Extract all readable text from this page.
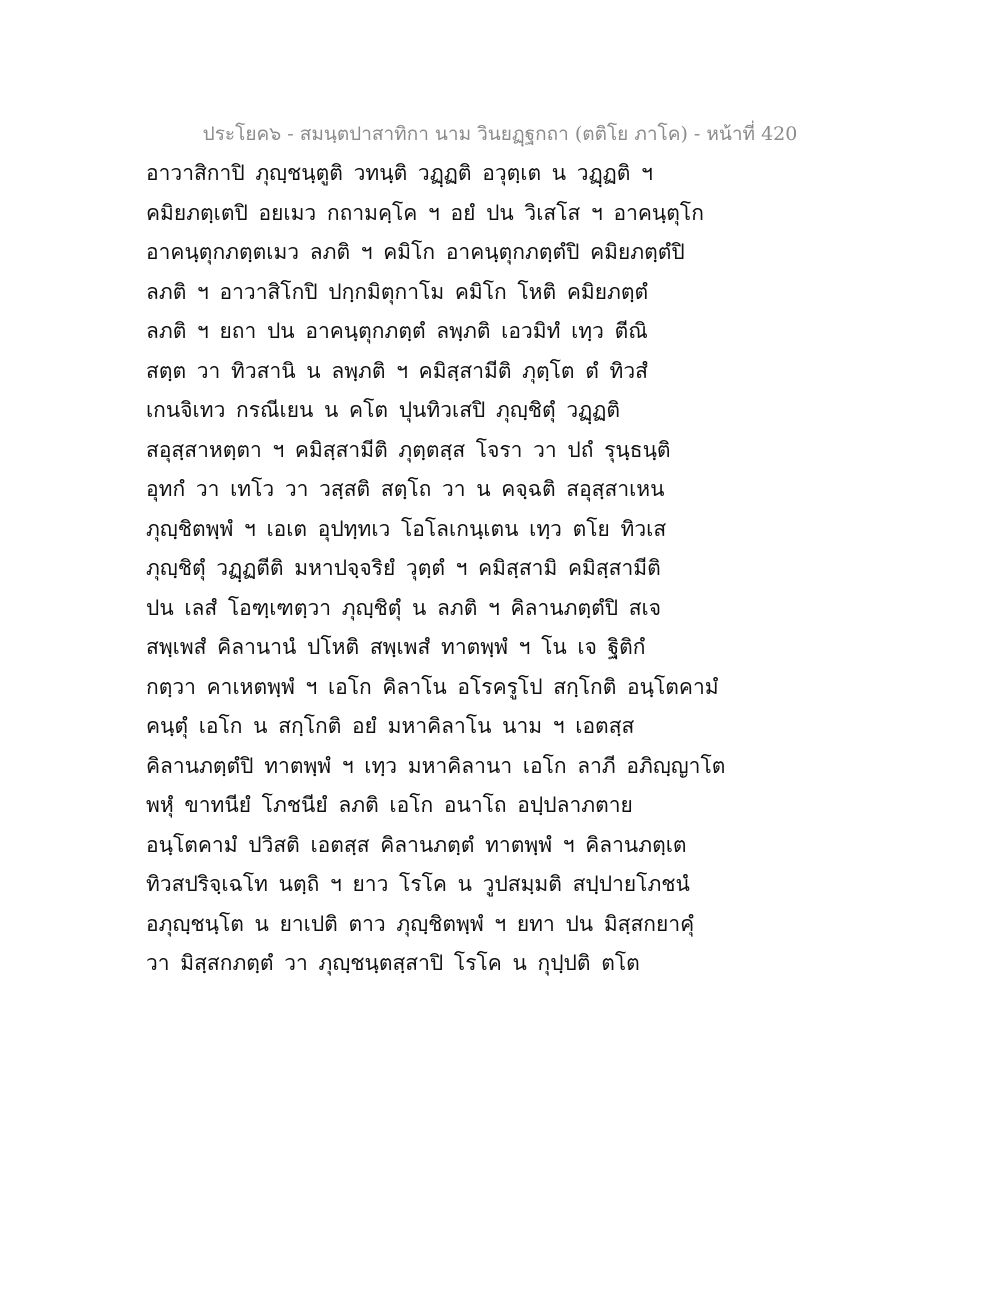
ประโยค๖ - สมนฺตปาสาทิกา นาม วินยฏฺฐกถา (ตติโย ภาโค) - หน้าที่ 420
อาวาสิกาปิ ภุญฺชนฺตูติ วทนฺติ วฏฺฏติ อวุตฺเต น วฏฺฏติ ฯ
คมิยภตฺเตปิ อยเมว กถามคฺโค ฯ อยํ ปน วิเสโส ฯ อาคนฺตุโก
อาคนฺตุกภตฺตเมว ลภติ ฯ คมิโก อาคนฺตุกภตฺตํปิ คมิยภตฺตํปิ
ลภติ ฯ อาวาสิโกปิ ปกฺกมิตุกาโม คมิโก โหติ คมิยภตฺตํ
ลภติ ฯ ยถา ปน อาคนฺตุกภตฺตํ ลพฺภติ เอวมิทํ เทฺว ตีณิ
สตฺต วา ทิวสานิ น ลพฺภติ ฯ คมิสฺสามีติ ภุตฺโต ตํ ทิวสํ
เกนจิเทว กรณีเยน น คโต ปุนทิวเสปิ ภุญฺชิตุํ วฏฺฏติ
สอุสฺสาหตฺตา ฯ คมิสฺสามีติ ภุตฺตสฺส โจรา วา ปถํ รุนฺธนฺติ
อุทกํ วา เทโว วา วสฺสติ สตฺโถ วา น คจฺฉติ สอุสฺสาเหน
ภุญฺชิตพฺพํ ฯ เอเต อุปทฺทเว โอโลเกนฺเตน เทฺว ตโย ทิวเส
ภุญฺชิตุํ วฏฺฏตีติ มหาปจฺจริยํ วุตฺตํ ฯ คมิสฺสามิ คมิสฺสามีติ
ปน เลสํ โอฑฺเฑตฺวา ภุญฺชิตุํ น ลภติ ฯ คิลานภตฺตํปิ สเจ
สพฺเพสํ คิลานานํ ปโหติ สพฺเพสํ ทาตพฺพํ ฯ โน เจ ฐิติกํ
กตฺวา คาเหตพฺพํ ฯ เอโก คิลาโน อโรครูโป สกฺโกติ อนฺโตคามํ
คนฺตุํ เอโก น สกฺโกติ อยํ มหาคิลาโน นาม ฯ เอตสฺส
คิลานภตฺตํปิ ทาตพฺพํ ฯ เทฺว มหาคิลานา เอโก ลาภี อภิญฺญาโต
พหุํ ขาทนียํ โภชนียํ ลภติ เอโก อนาโถ อปฺปลาภตาย
อนฺโตคามํ ปวิสติ เอตสฺส คิลานภตฺตํ ทาตพฺพํ ฯ คิลานภตฺเต
ทิวสปริจฺเฉโท นตฺถิ ฯ ยาว โรโค น วูปสมฺมติ สปฺปายโภชนํ
อภุญฺชนฺโต น ยาเปติ ตาว ภุญฺชิตพฺพํ ฯ ยทา ปน มิสฺสกยาคุํ
วา มิสฺสกภตฺตํ วา ภุญฺชนฺตสฺสาปิ โรโค น กุปฺปติ ตโต
